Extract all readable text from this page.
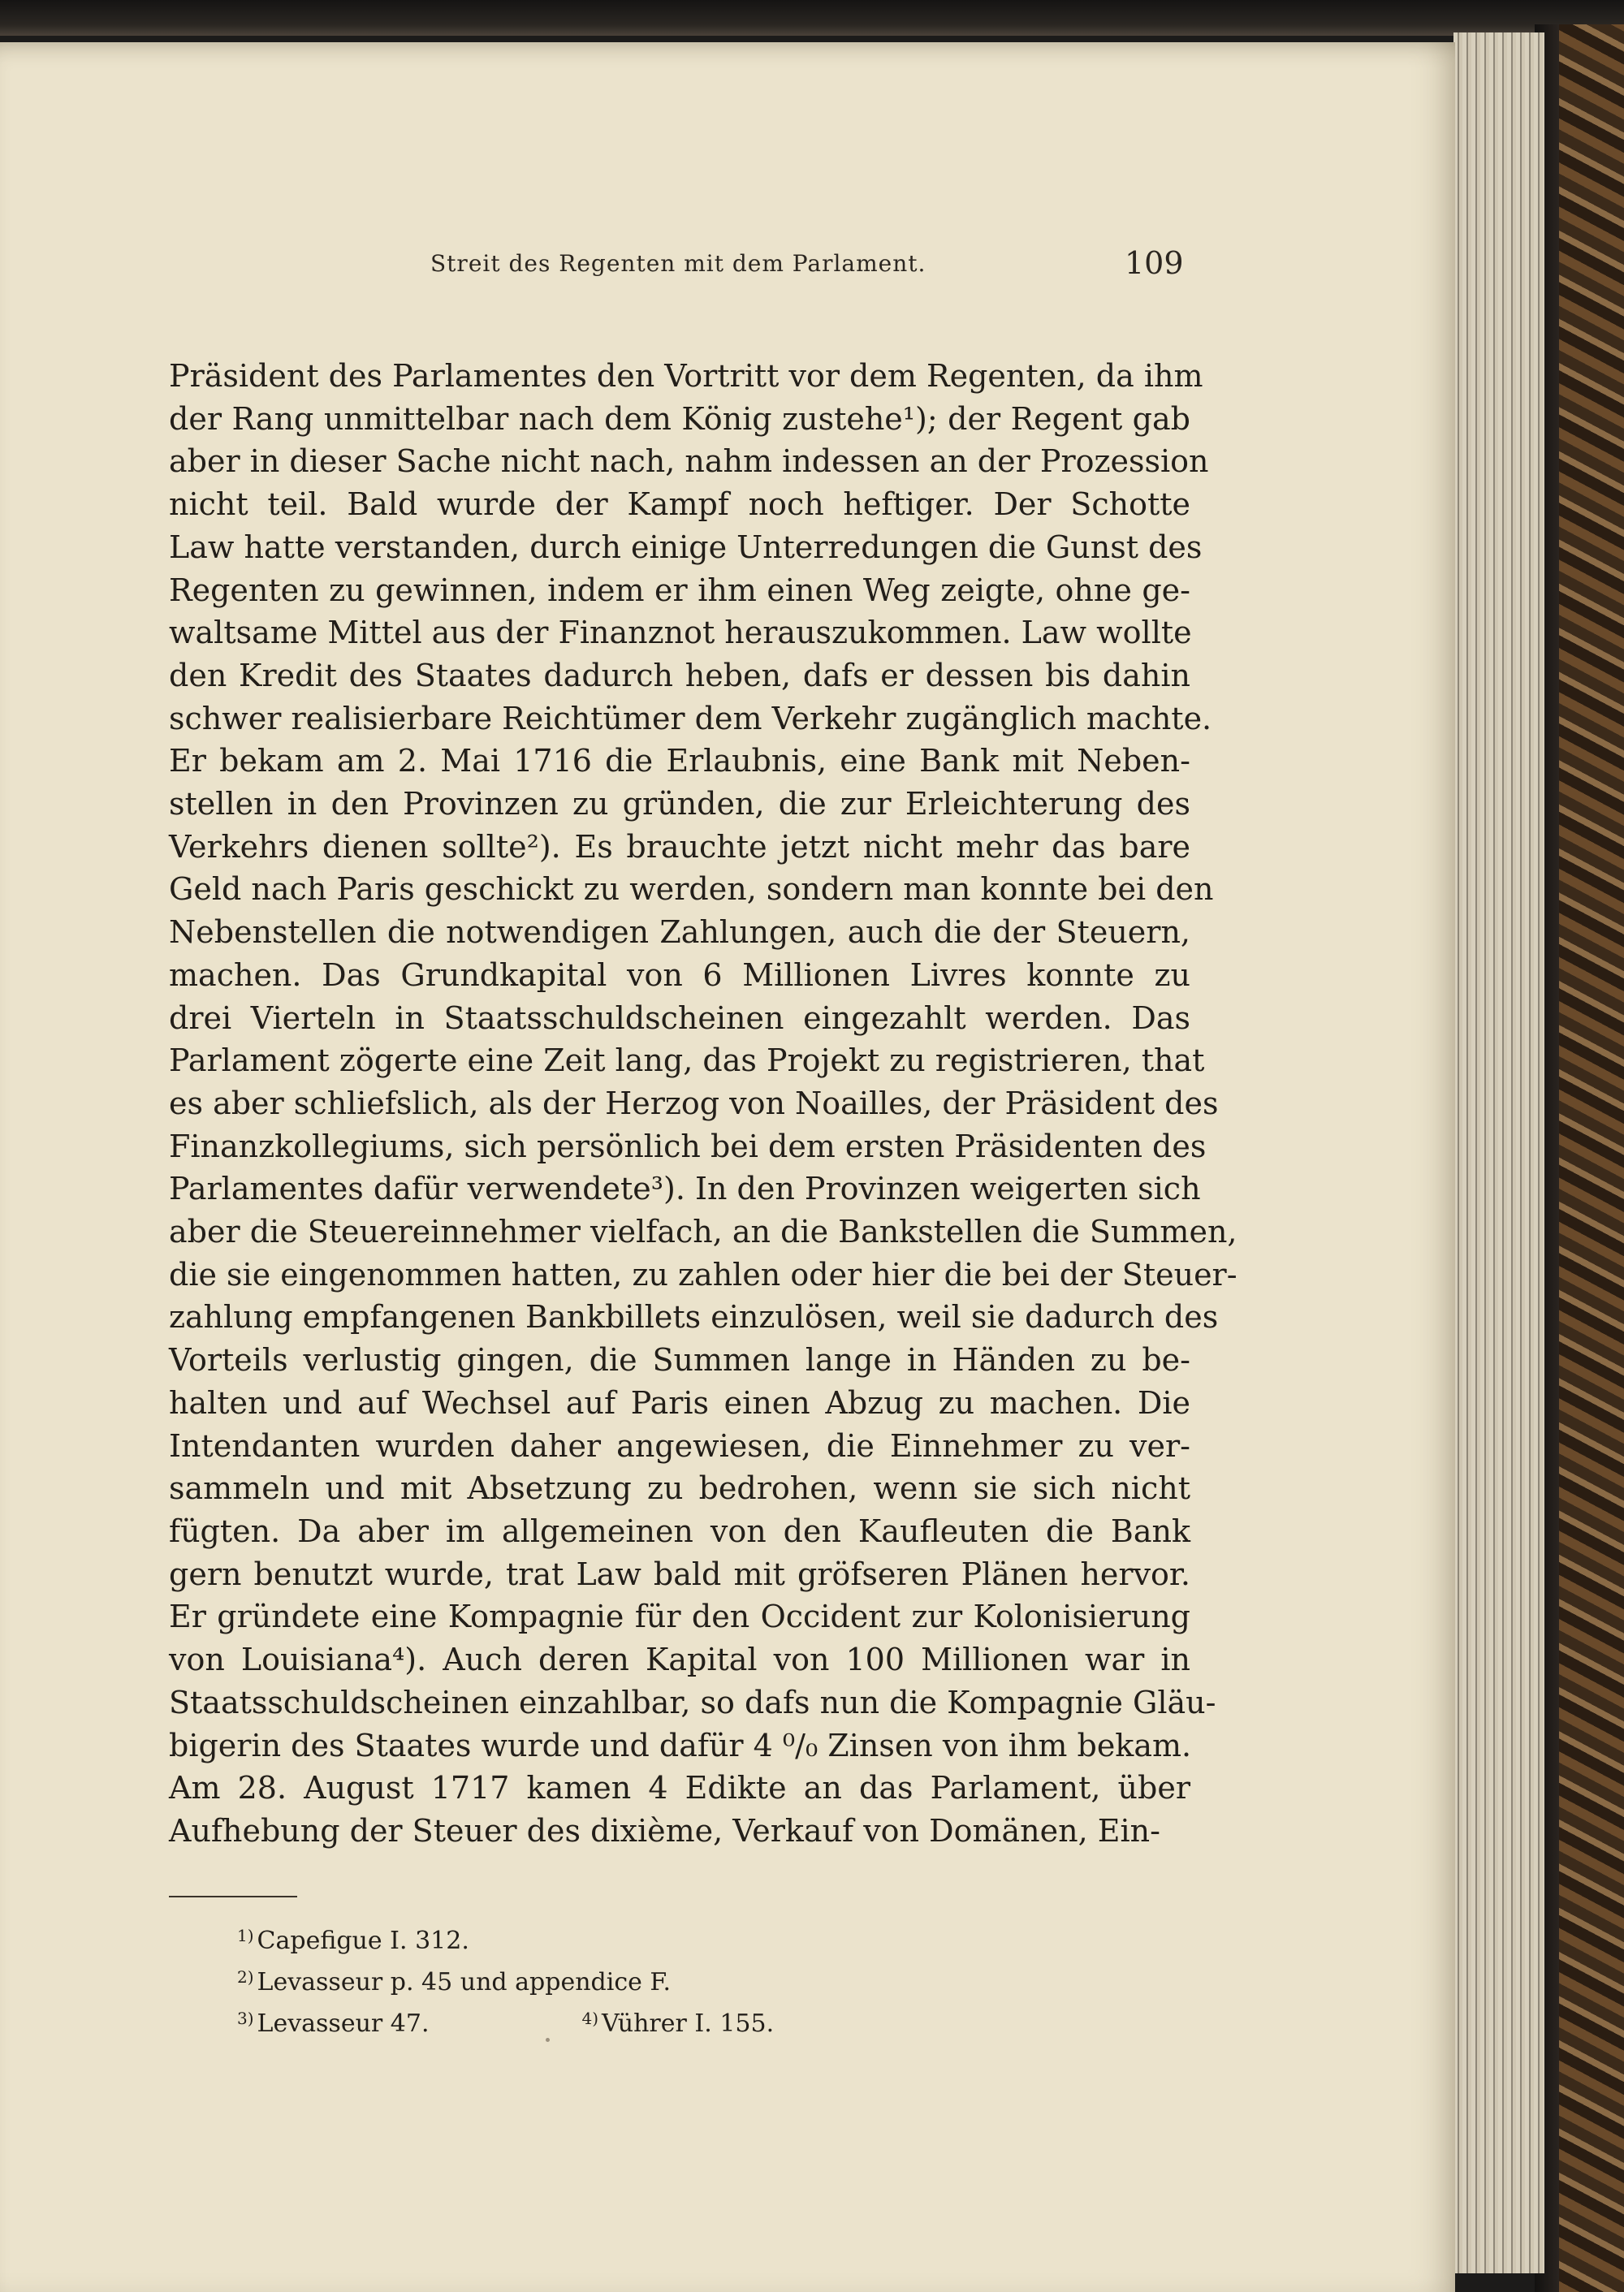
Streit des Regenten mit dem Parlament.	109
Präsident des Parlamentes den Vortritt vor dem Regenten, da ihm
der Rang unmittelbar nach dem König zustehe¹); der Regent gab
aber in dieser Sache nicht nach, nahm indessen an der Prozession
nicht teil. Bald wurde der Kampf noch heftiger. Der Schotte
Law hatte verstanden, durch einige Unterredungen die Gunst des
Regenten zu gewinnen, indem er ihm einen Weg zeigte, ohne ge-
waltsame Mittel aus der Finanznot herauszukommen. Law wollte
den Kredit des Staates dadurch heben, dafs er dessen bis dahin
schwer realisierbare Reichtümer dem Verkehr zugänglich machte.
Er bekam am 2. Mai 1716 die Erlaubnis, eine Bank mit Neben-
stellen in den Provinzen zu gründen, die zur Erleichterung des
Verkehrs dienen sollte²). Es brauchte jetzt nicht mehr das bare
Geld nach Paris geschickt zu werden, sondern man konnte bei den
Nebenstellen die notwendigen Zahlungen, auch die der Steuern,
machen. Das Grundkapital von 6 Millionen Livres konnte zu
drei Vierteln in Staatsschuldscheinen eingezahlt werden. Das
Parlament zögerte eine Zeit lang, das Projekt zu registrieren, that
es aber schliefslich, als der Herzog von Noailles, der Präsident des
Finanzkollegiums, sich persönlich bei dem ersten Präsidenten des
Parlamentes dafür verwendete³). In den Provinzen weigerten sich
aber die Steuereinnehmer vielfach, an die Bankstellen die Summen,
die sie eingenommen hatten, zu zahlen oder hier die bei der Steuer-
zahlung empfangenen Bankbillets einzulösen, weil sie dadurch des
Vorteils verlustig gingen, die Summen lange in Händen zu be-
halten und auf Wechsel auf Paris einen Abzug zu machen. Die
Intendanten wurden daher angewiesen, die Einnehmer zu ver-
sammeln und mit Absetzung zu bedrohen, wenn sie sich nicht
fügten. Da aber im allgemeinen von den Kaufleuten die Bank
gern benutzt wurde, trat Law bald mit gröfseren Plänen hervor.
Er gründete eine Kompagnie für den Occident zur Kolonisierung
von Louisiana⁴). Auch deren Kapital von 100 Millionen war in
Staatsschuldscheinen einzahlbar, so dafs nun die Kompagnie Gläu-
bigerin des Staates wurde und dafür 4 ⁰/₀ Zinsen von ihm bekam.
Am 28. August 1717 kamen 4 Edikte an das Parlament, über
Aufhebung der Steuer des dixième, Verkauf von Domänen, Ein-
$^{1)}$ Capefigue I. 312.
$^{2)}$ Levasseur p. 45 und appendice F.
$^{3)}$ Levasseur 47.	$^{4)}$ Vührer I. 155.
